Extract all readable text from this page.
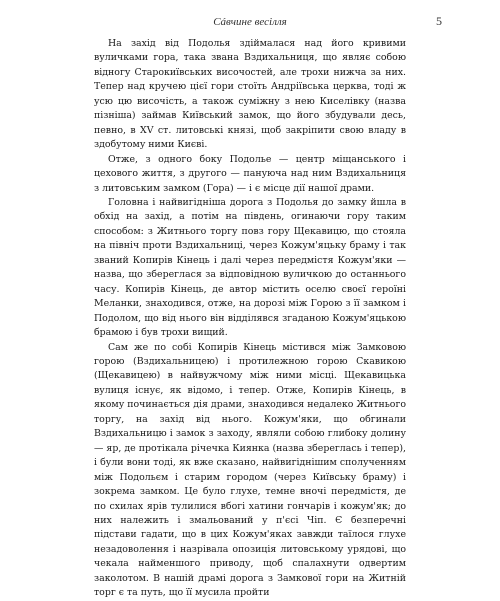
Сáвчине весілля	5

На захід від Подолья здіймалася над його кривими вуличками гора, така звана Вздихальниця, що являє собою відногу Старокиївських височостей, але трохи нижча за них. Тепер над кручею цієї гори стоїть Андріївська церква, тоді ж усю цю височість, а також суміжну з нею Киселівку (назва пізніша) займав Київський замок, що його збудували десь, певно, в XV ст. литовські князі, щоб закріпити свою владу в здобутому ними Києві.

Отже, з одного боку Подолье — центр міщанського і цехового життя, з другого — пануюча над ним Вздихальниця з литовським замком (Гора) — і є місце дії нашої драми.

Головна і найвигідніша дорога з Подолья до замку йшла в обхід на захід, а потім на південь, огинаючи гору таким способом: з Житнього торгу повз гору Щекавицю, що стояла на північ проти Вздихальниці, через Кожум'яцьку браму і так званий Копирів Кінець і далі через передмістя Кожум'яки — назва, що збереглася за відповідною вуличкою до останнього часу. Копирів Кінець, де автор містить оселю своєї героїні Меланки, знаходився, отже, на дорозі між Горою з її замком і Подолом, що від нього він відділявся згаданою Кожум'яцькою брамою і був трохи вищий.

Сам же по собі Копирів Кінець містився між Замковою горою (Вздихальницею) і протилежною горою Скавикою (Щекавицею) в найвужчому між ними місці. Щекавицька вулиця існує, як відомо, і тепер. Отже, Копирів Кінець, в якому починається дія драми, знаходився недалеко Житнього торгу, на захід від нього. Кожум'яки, що обгинали Вздихальницю і замок з заходу, являли собою глибоку долину — яр, де протікала річечка Киянка (назва збереглась і тепер), і були вони тоді, як вже сказано, найвигіднішим сполученням між Подольєм і старим городом (через Київську браму) і зокрема замком. Це було глухе, темне вночі передмістя, де по схилах ярів тулилися вбогі хатини гончарів і кожум'як; до них належить і змальований у п'єсі Чіп. Є безперечні підстави гадати, що в цих Кожум'яках завжди таїлося глухе незадоволення і назрівала опозиція литовському урядові, що чекала найменшого приводу, щоб спалахнути одвертим заколотом. В нашій драмі дорога з Замкової гори на Житній торг є та путь, що її мусила пройти
